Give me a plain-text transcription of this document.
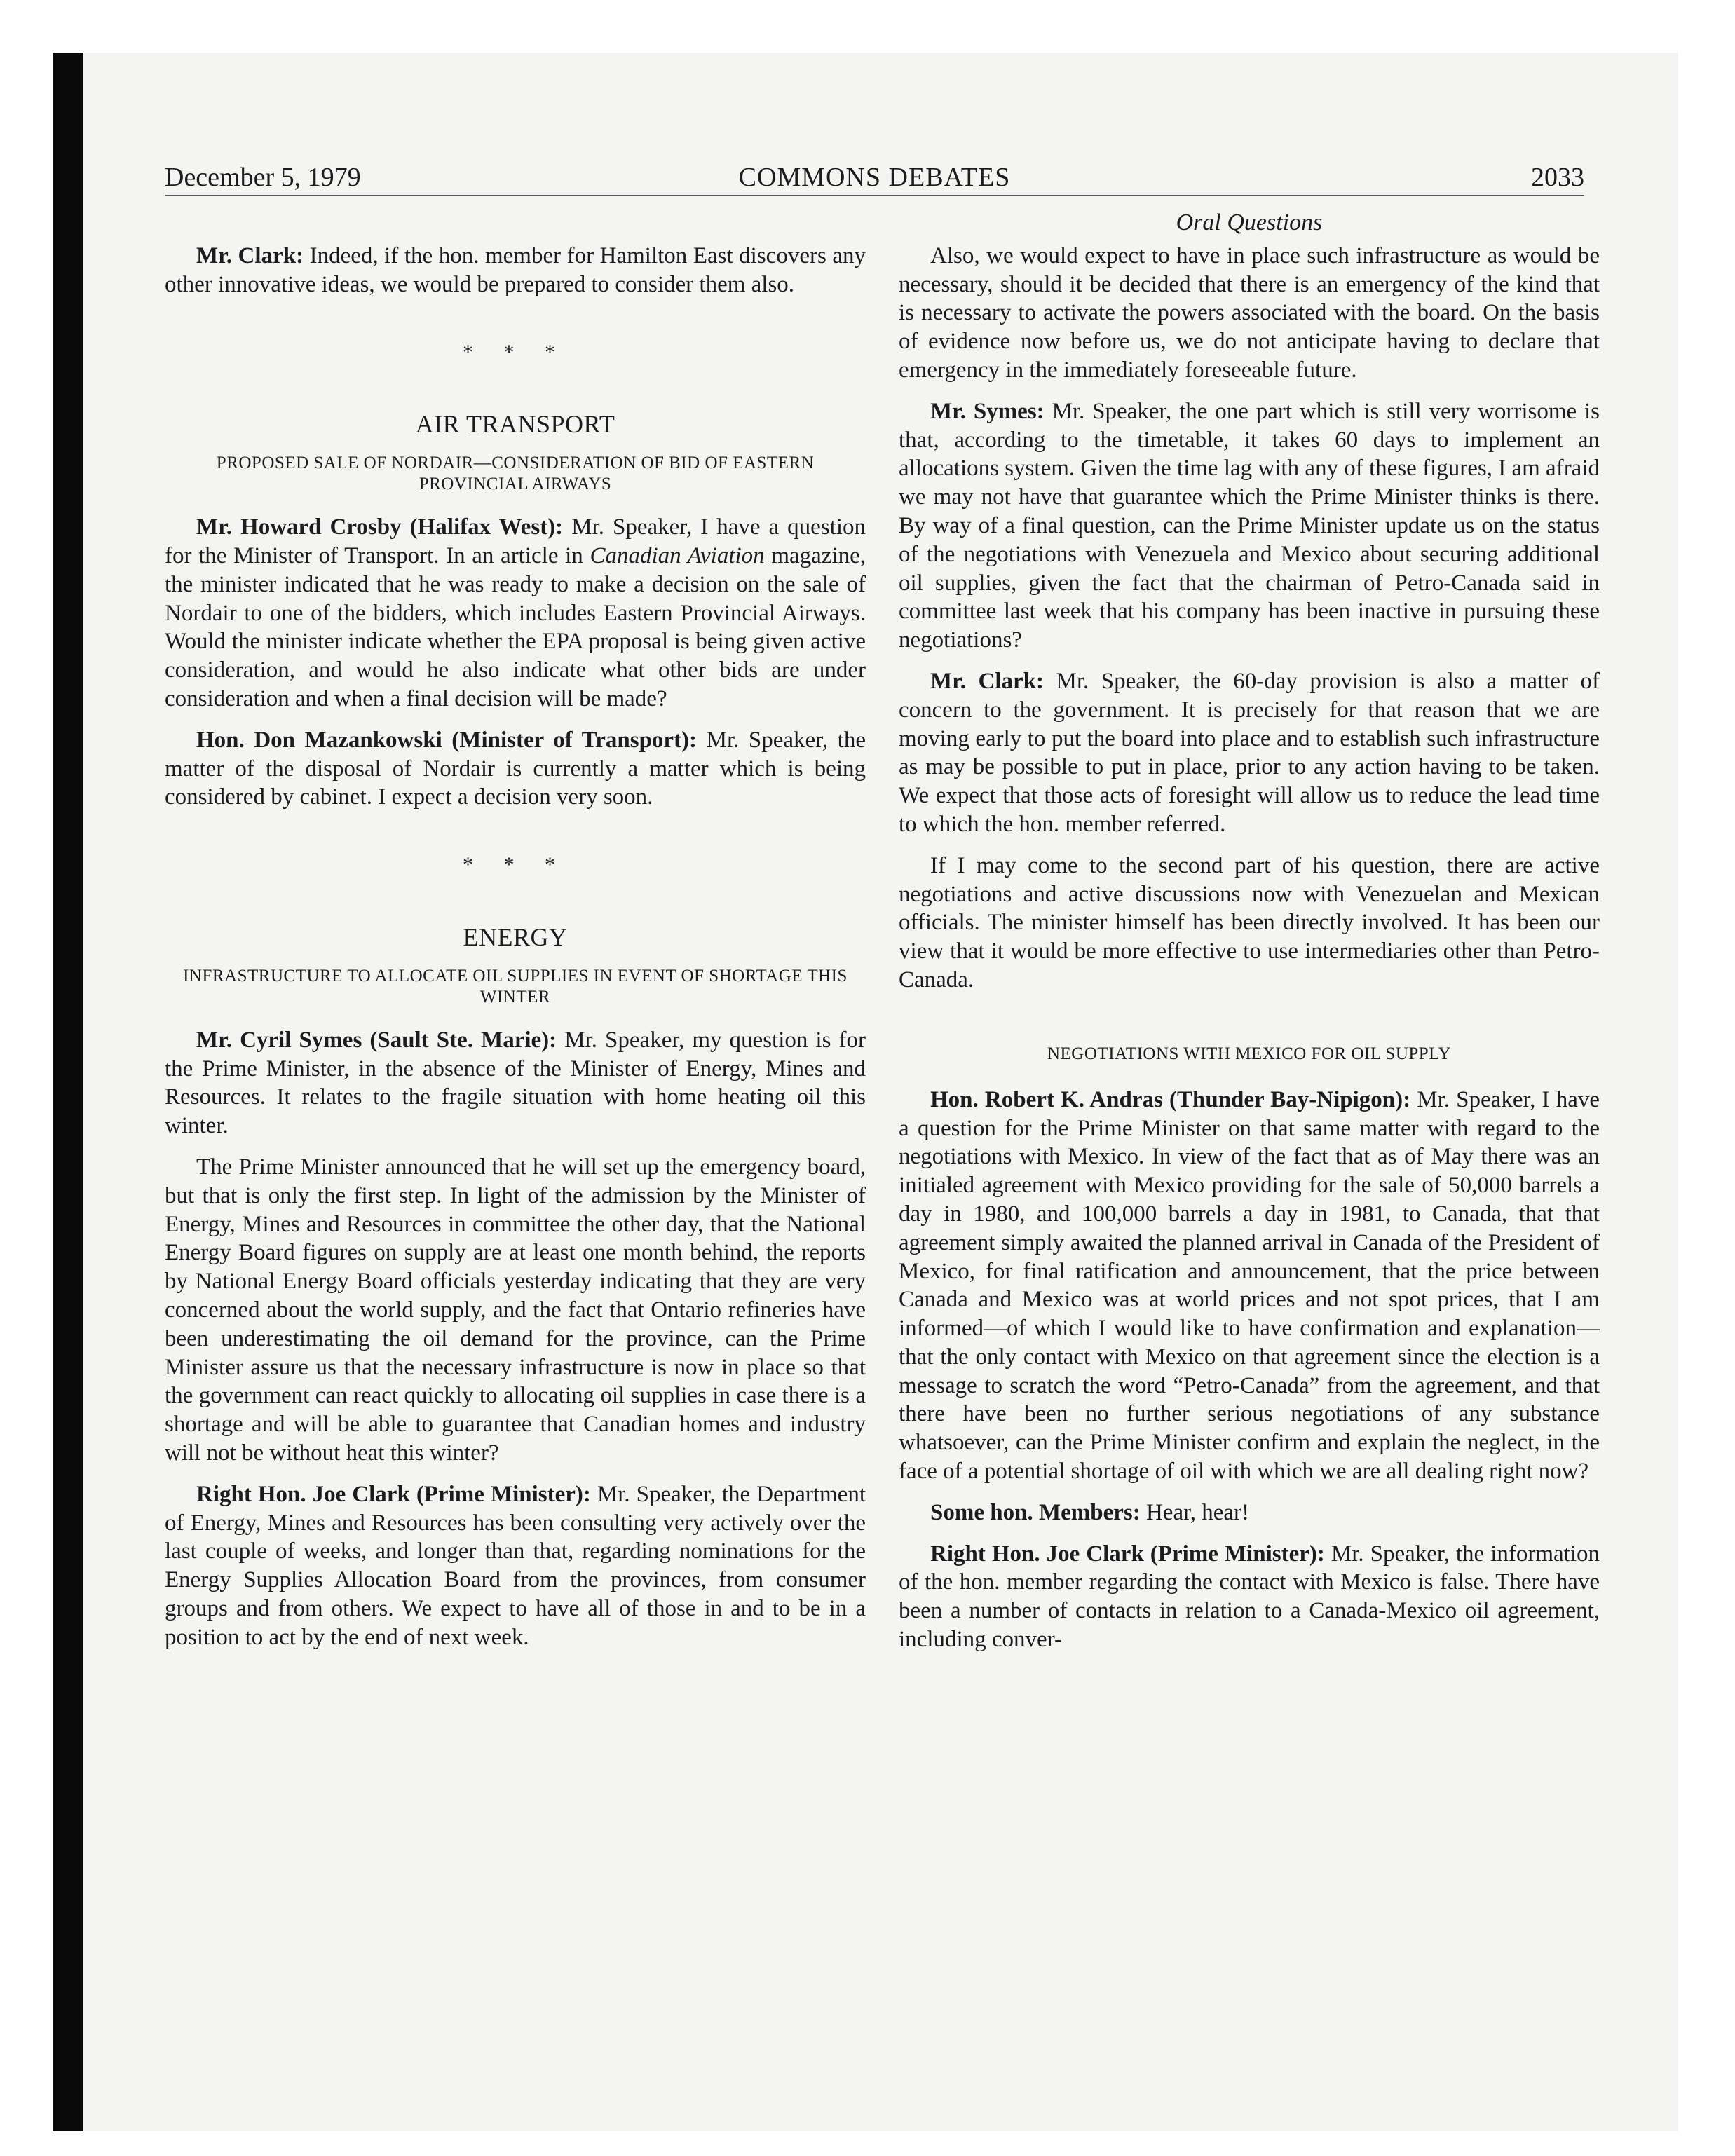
December 5, 1979	COMMONS DEBATES	2033

Mr. Clark: Indeed, if the hon. member for Hamilton East discovers any other innovative ideas, we would be prepared to consider them also.

* * *
AIR TRANSPORT
PROPOSED SALE OF NORDAIR—CONSIDERATION OF BID OF EASTERN PROVINCIAL AIRWAYS

Mr. Howard Crosby (Halifax West): Mr. Speaker, I have a question for the Minister of Transport. In an article in Canadian Aviation magazine, the minister indicated that he was ready to make a decision on the sale of Nordair to one of the bidders, which includes Eastern Provincial Airways. Would the minister indicate whether the EPA proposal is being given active consideration, and would he also indicate what other bids are under consideration and when a final decision will be made?

Hon. Don Mazankowski (Minister of Transport): Mr. Speaker, the matter of the disposal of Nordair is currently a matter which is being considered by cabinet. I expect a decision very soon.

* * *
ENERGY
INFRASTRUCTURE TO ALLOCATE OIL SUPPLIES IN EVENT OF SHORTAGE THIS WINTER

Mr. Cyril Symes (Sault Ste. Marie): Mr. Speaker, my question is for the Prime Minister, in the absence of the Minister of Energy, Mines and Resources. It relates to the fragile situation with home heating oil this winter.

The Prime Minister announced that he will set up the emergency board, but that is only the first step. In light of the admission by the Minister of Energy, Mines and Resources in committee the other day, that the National Energy Board figures on supply are at least one month behind, the reports by National Energy Board officials yesterday indicating that they are very concerned about the world supply, and the fact that Ontario refineries have been underestimating the oil demand for the province, can the Prime Minister assure us that the necessary infrastructure is now in place so that the government can react quickly to allocating oil supplies in case there is a shortage and will be able to guarantee that Canadian homes and industry will not be without heat this winter?

Right Hon. Joe Clark (Prime Minister): Mr. Speaker, the Department of Energy, Mines and Resources has been consulting very actively over the last couple of weeks, and longer than that, regarding nominations for the Energy Supplies Allocation Board from the provinces, from consumer groups and from others. We expect to have all of those in and to be in a position to act by the end of next week.

Oral Questions

Also, we would expect to have in place such infrastructure as would be necessary, should it be decided that there is an emergency of the kind that is necessary to activate the powers associated with the board. On the basis of evidence now before us, we do not anticipate having to declare that emergency in the immediately foreseeable future.

Mr. Symes: Mr. Speaker, the one part which is still very worrisome is that, according to the timetable, it takes 60 days to implement an allocations system. Given the time lag with any of these figures, I am afraid we may not have that guarantee which the Prime Minister thinks is there. By way of a final question, can the Prime Minister update us on the status of the negotiations with Venezuela and Mexico about securing additional oil supplies, given the fact that the chairman of Petro-Canada said in committee last week that his company has been inactive in pursuing these negotiations?

Mr. Clark: Mr. Speaker, the 60-day provision is also a matter of concern to the government. It is precisely for that reason that we are moving early to put the board into place and to establish such infrastructure as may be possible to put in place, prior to any action having to be taken. We expect that those acts of foresight will allow us to reduce the lead time to which the hon. member referred.

If I may come to the second part of his question, there are active negotiations and active discussions now with Venezuelan and Mexican officials. The minister himself has been directly involved. It has been our view that it would be more effective to use intermediaries other than Petro-Canada.

NEGOTIATIONS WITH MEXICO FOR OIL SUPPLY

Hon. Robert K. Andras (Thunder Bay-Nipigon): Mr. Speaker, I have a question for the Prime Minister on that same matter with regard to the negotiations with Mexico. In view of the fact that as of May there was an initialed agreement with Mexico providing for the sale of 50,000 barrels a day in 1980, and 100,000 barrels a day in 1981, to Canada, that that agreement simply awaited the planned arrival in Canada of the President of Mexico, for final ratification and announcement, that the price between Canada and Mexico was at world prices and not spot prices, that I am informed—of which I would like to have confirmation and explanation—that the only contact with Mexico on that agreement since the election is a message to scratch the word “Petro-Canada” from the agreement, and that there have been no further serious negotiations of any substance whatsoever, can the Prime Minister confirm and explain the neglect, in the face of a potential shortage of oil with which we are all dealing right now?

Some hon. Members: Hear, hear!

Right Hon. Joe Clark (Prime Minister): Mr. Speaker, the information of the hon. member regarding the contact with Mexico is false. There have been a number of contacts in relation to a Canada-Mexico oil agreement, including conver-
